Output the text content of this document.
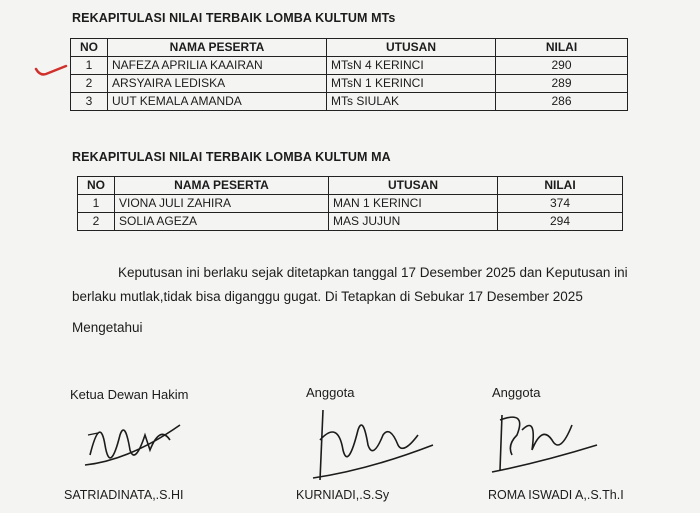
REKAPITULASI NILAI TERBAIK LOMBA KULTUM MTs
NO	NAMA PESERTA	UTUSAN	NILAI
1	NAFEZA APRILIA KAAIRAN	MTsN 4 KERINCI	290
2	ARSYAIRA LEDISKA	MTsN 1 KERINCI	289
3	UUT KEMALA AMANDA	MTs SIULAK	286
REKAPITULASI NILAI TERBAIK LOMBA KULTUM MA
NO	NAMA PESERTA	UTUSAN	NILAI
1	VIONA JULI ZAHIRA	MAN 1 KERINCI	374
2	SOLIA AGEZA	MAS JUJUN	294
Keputusan ini berlaku sejak ditetapkan tanggal 17 Desember 2025 dan Keputusan ini
berlaku mutlak,tidak bisa diganggu gugat. Di Tetapkan di Sebukar 17 Desember 2025
Mengetahui
Ketua Dewan Hakim
SATRIADINATA,.S.HI
Anggota
KURNIADI,.S.Sy
Anggota
ROMA ISWADI A,.S.Th.I
